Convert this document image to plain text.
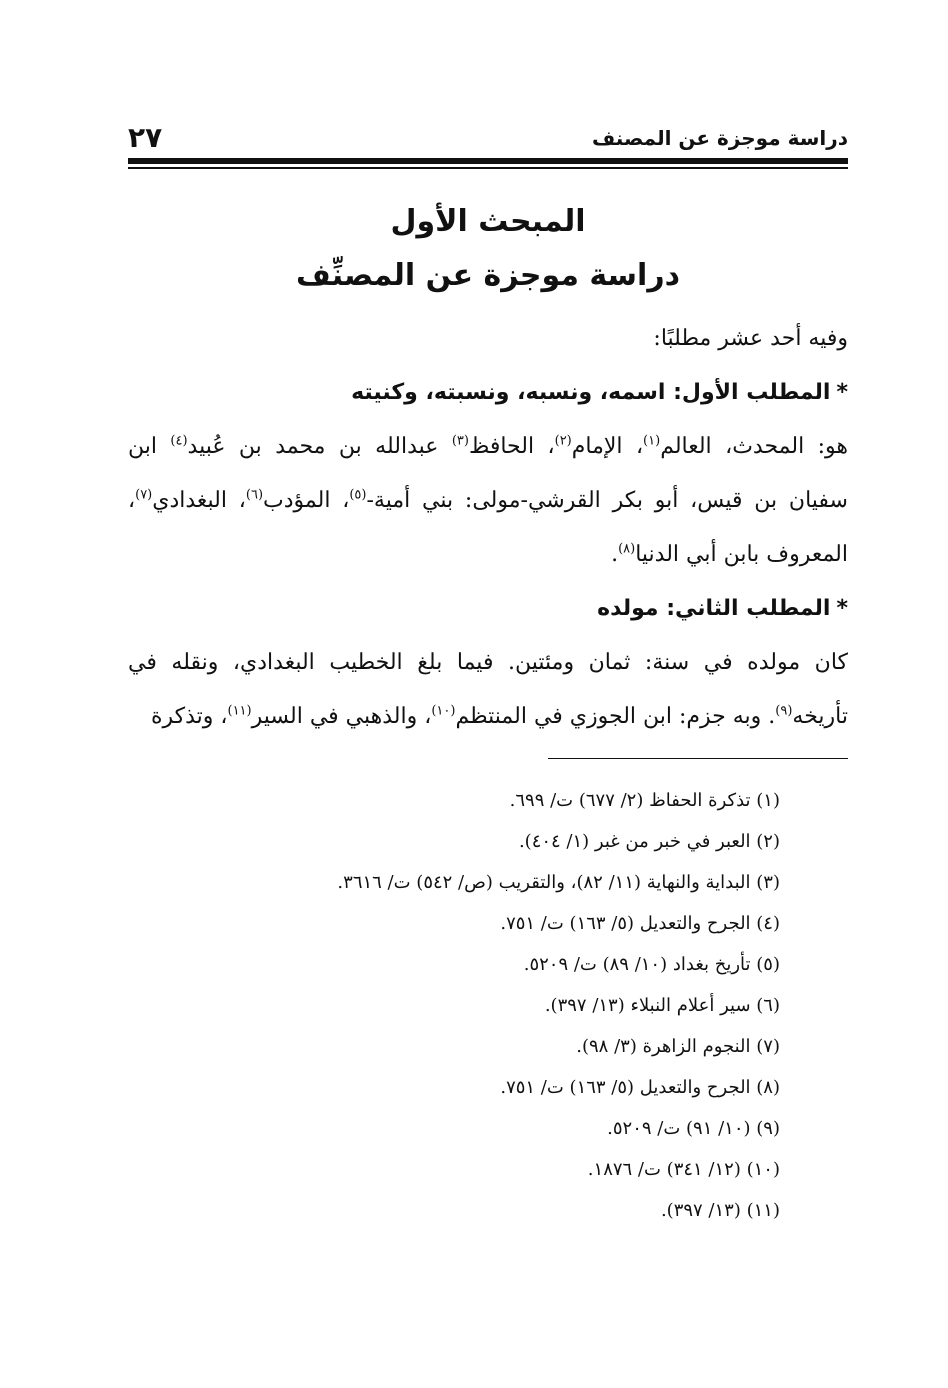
دراسة موجزة عن المصنف
٢٧
المبحث الأول
دراسة موجزة عن المصنِّف

وفيه أحد عشر مطلبًا:

*المطلب الأول: اسمه، ونسبه، ونسبته، وكنيته

هو: المحدث، العالم$^{(١)}$، الإمام$^{(٢)}$، الحافظ$^{(٣)}$ عبدالله بن محمد بن عُبيد$^{(٤)}$ ابن سفيان بن قيس، أبو بكر القرشي-مولى: بني أمية-$^{(٥)}$، المؤدب$^{(٦)}$، البغدادي$^{(٧)}$، المعروف بابن أبي الدنيا$^{(٨)}$.

*المطلب الثاني: مولده

كان مولده في سنة: ثمان ومئتين. فيما بلغ الخطيب البغدادي، ونقله في تأريخه$^{(٩)}$. وبه جزم: ابن الجوزي في المنتظم$^{(١٠)}$، والذهبي في السير$^{(١١)}$، وتذكرة

(١) تذكرة الحفاظ (٢/ ٦٧٧) ت/ ٦٩٩.
(٢) العبر في خبر من غبر (١/ ٤٠٤).
(٣) البداية والنهاية (١١/ ٨٢)، والتقريب (ص/ ٥٤٢) ت/ ٣٦١٦.
(٤) الجرح والتعديل (٥/ ١٦٣) ت/ ٧٥١.
(٥) تأريخ بغداد (١٠/ ٨٩) ت/ ٥٢٠٩.
(٦) سير أعلام النبلاء (١٣/ ٣٩٧).
(٧) النجوم الزاهرة (٣/ ٩٨).
(٨) الجرح والتعديل (٥/ ١٦٣) ت/ ٧٥١.
(٩) (١٠/ ٩١) ت/ ٥٢٠٩.
(١٠) (١٢/ ٣٤١) ت/ ١٨٧٦.
(١١) (١٣/ ٣٩٧).
